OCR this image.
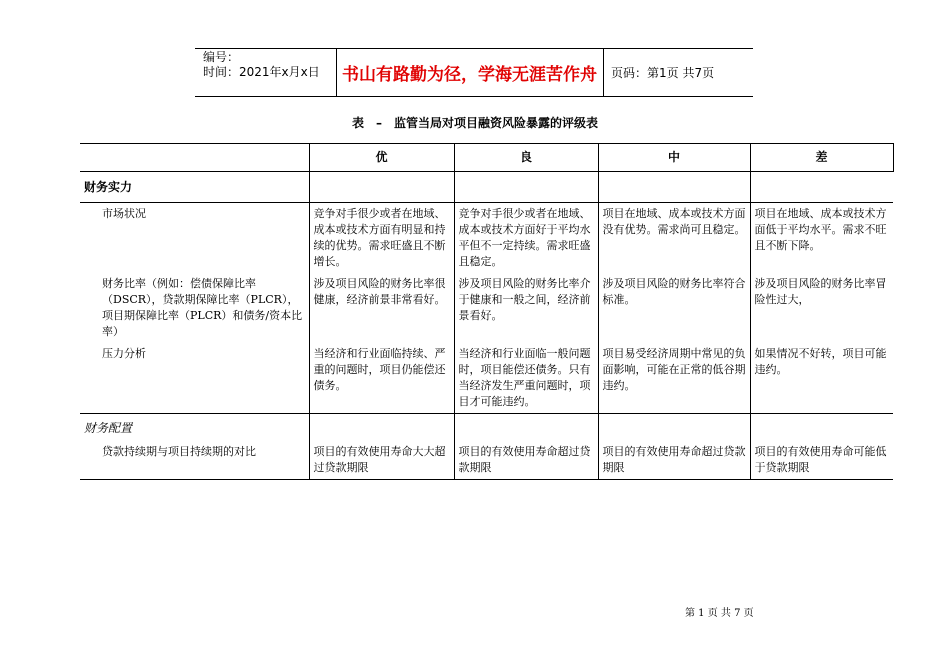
编号：
时间：2021年x月x日	书山有路勤为径，学海无涯苦作舟	页码：第1页 共7页
表　–　监管当局对项目融资风险暴露的评级表
	优	良	中	差
财务实力				
市场状况	竞争对手很少或者在地域、成本或技术方面有明显和持续的优势。需求旺盛且不断增长。	竞争对手很少或者在地域、成本或技术方面好于平均水平但不一定持续。需求旺盛且稳定。	项目在地域、成本或技术方面没有优势。需求尚可且稳定。	项目在地域、成本或技术方面低于平均水平。需求不旺且不断下降。
财务比率（例如：偿债保障比率（DSCR），贷款期保障比率（PLCR），项目期保障比率（PLCR）和债务/资本比率）	涉及项目风险的财务比率很健康，经济前景非常看好。	涉及项目风险的财务比率介于健康和一般之间，经济前景看好。	涉及项目风险的财务比率符合标准。	涉及项目风险的财务比率冒险性过大，
压力分析	当经济和行业面临持续、严重的问题时，项目仍能偿还债务。	当经济和行业面临一般问题时，项目能偿还债务。只有当经济发生严重问题时，项目才可能违约。	项目易受经济周期中常见的负面影响，可能在正常的低谷期违约。	如果情况不好转，项目可能违约。
财务配置				
贷款持续期与项目持续期的对比	项目的有效使用寿命大大超过贷款期限	项目的有效使用寿命超过贷款期限	项目的有效使用寿命超过贷款期限	项目的有效使用寿命可能低于贷款期限
第 1 页 共 7 页
